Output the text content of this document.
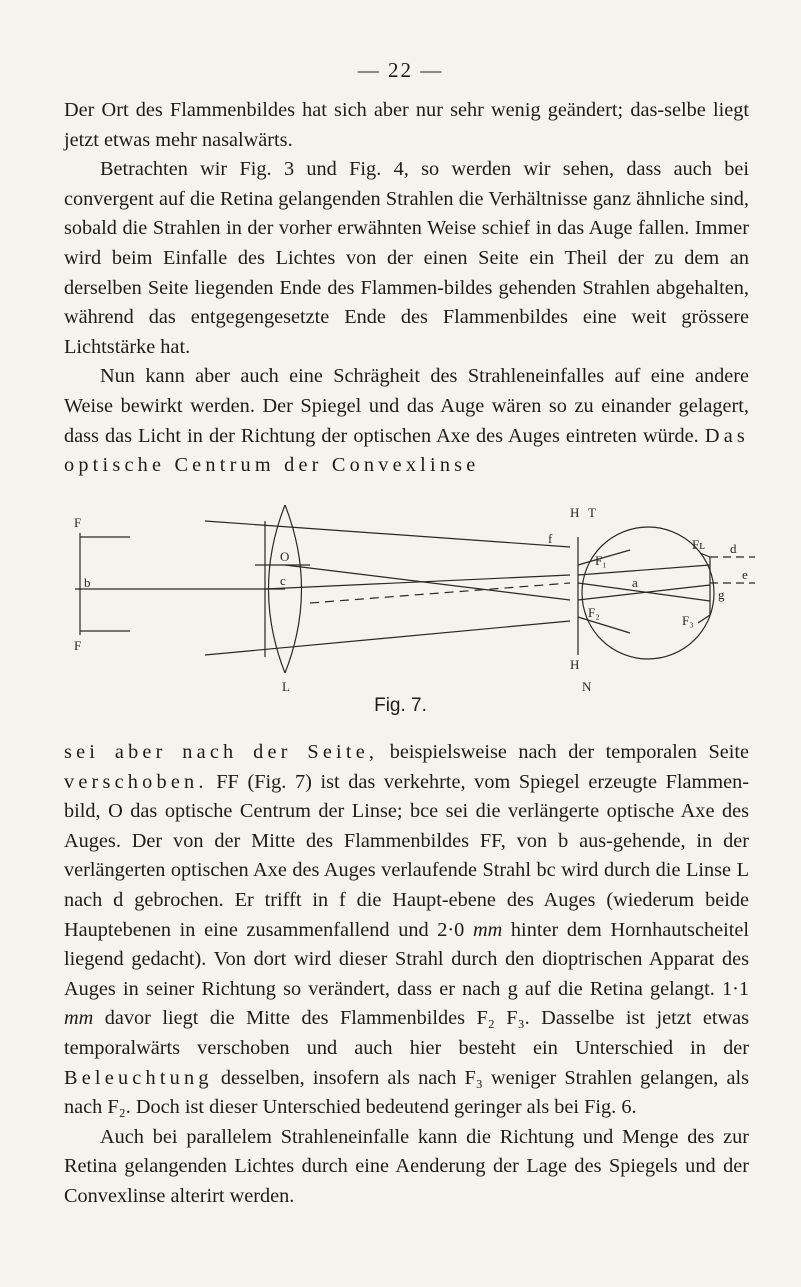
— 22 —

Der Ort des Flammenbildes hat sich aber nur sehr wenig geändert; das-selbe liegt jetzt etwas mehr nasalwärts.

Betrachten wir Fig. 3 und Fig. 4, so werden wir sehen, dass auch bei convergent auf die Retina gelangenden Strahlen die Verhältnisse ganz ähnliche sind, sobald die Strahlen in der vorher erwähnten Weise schief in das Auge fallen. Immer wird beim Einfalle des Lichtes von der einen Seite ein Theil der zu dem an derselben Seite liegenden Ende des Flammen-bildes gehenden Strahlen abgehalten, während das entgegengesetzte Ende des Flammenbildes eine weit grössere Lichtstärke hat.

Nun kann aber auch eine Schrägheit des Strahleneinfalles auf eine andere Weise bewirkt werden. Der Spiegel und das Auge wären so zu einander gelagert, dass das Licht in der Richtung der optischen Axe des Auges eintreten würde. Das optische Centrum der Convexlinse

F
b
F
O
c
L
f
H T
H
N
F₁
F₂
F₃
Fʟ
a
d
e
g
Fig. 7.

sei aber nach der Seite, beispielsweise nach der temporalen Seite verschoben. FF (Fig. 7) ist das verkehrte, vom Spiegel erzeugte Flammen-bild, O das optische Centrum der Linse; bce sei die verlängerte optische Axe des Auges. Der von der Mitte des Flammenbildes FF, von b aus-gehende, in der verlängerten optischen Axe des Auges verlaufende Strahl bc wird durch die Linse L nach d gebrochen. Er trifft in f die Haupt-ebene des Auges (wiederum beide Hauptebenen in eine zusammenfallend und 2·0 mm hinter dem Hornhautscheitel liegend gedacht). Von dort wird dieser Strahl durch den dioptrischen Apparat des Auges in seiner Richtung so verändert, dass er nach g auf die Retina gelangt. 1·1 mm davor liegt die Mitte des Flammenbildes F₂ F₃. Dasselbe ist jetzt etwas temporalwärts verschoben und auch hier besteht ein Unterschied in der Beleuchtung desselben, insofern als nach F₃ weniger Strahlen gelangen, als nach F₂. Doch ist dieser Unterschied bedeutend geringer als bei Fig. 6.

Auch bei parallelem Strahleneinfalle kann die Richtung und Menge des zur Retina gelangenden Lichtes durch eine Aenderung der Lage des Spiegels und der Convexlinse alterirt werden.
